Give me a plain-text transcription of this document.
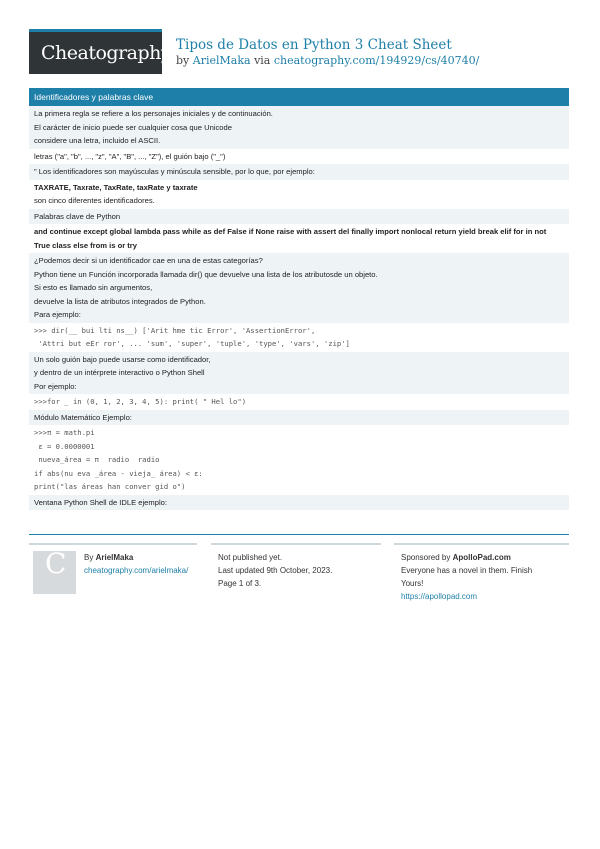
Cheatography Tipos de Datos en Python 3 Cheat Sheet
by ArielMaka via cheatography.com/194929/cs/40740/
Identificadores y palabras clave
La primera regla se refiere a los personajes iniciales y de continuación.
El carácter de inicio puede ser cualquier cosa que Unicode
considere una letra, incluido el ASCII.
letras ("a", "b", ..., "z", "A", "B", ..., "Z"), el guión bajo ("_")
" Los identificadores son mayúsculas y minúscula sensible, por lo que, por ejemplo:
TAXRATE, Taxrate, TaxRate, taxRate y taxrate
son cinco diferentes identificadores.
Palabras clave de Python
and continue except global lambda pass while as def False if None raise with assert del finally import nonlocal return yield break elif for in not
True class else from is or try
¿Podemos decir si un identificador cae en una de estas categorías?
Python tiene un Función incorporada llamada dir() que devuelve una lista de los atributosde un objeto.
Si esto es llamado sin argumentos,
devuelve la lista de atributos integrados de Python.
Para ejemplo:
>>> dir(__ bui lti ns__) ['Arit hme tic Error', 'AssertionError',
'Attri but eEr ror', ... 'sum', 'super', 'tuple', 'type', 'vars', 'zip']
Un solo guión bajo puede usarse como identificador,
y dentro de un intérprete interactivo o Python Shell
Por ejemplo:
>>>for _ in (0, 1, 2, 3, 4, 5): print( " Hel lo")
Módulo Matemático Ejemplo:
>>>π = math.pi
ε = 0.0000001
nueva_área = π  radio  radio
if abs(nu eva _área - vieja_ área) < ε:
print("las áreas han conver gid o")
Ventana Python Shell de IDLE ejemplo:
C By ArielMaka
cheatography.com/arielmaka/
Not published yet.
Last updated 9th October, 2023.
Page 1 of 3.
Sponsored by ApolloPad.com
Everyone has a novel in them. Finish
Yours!
https://apollopad.com
